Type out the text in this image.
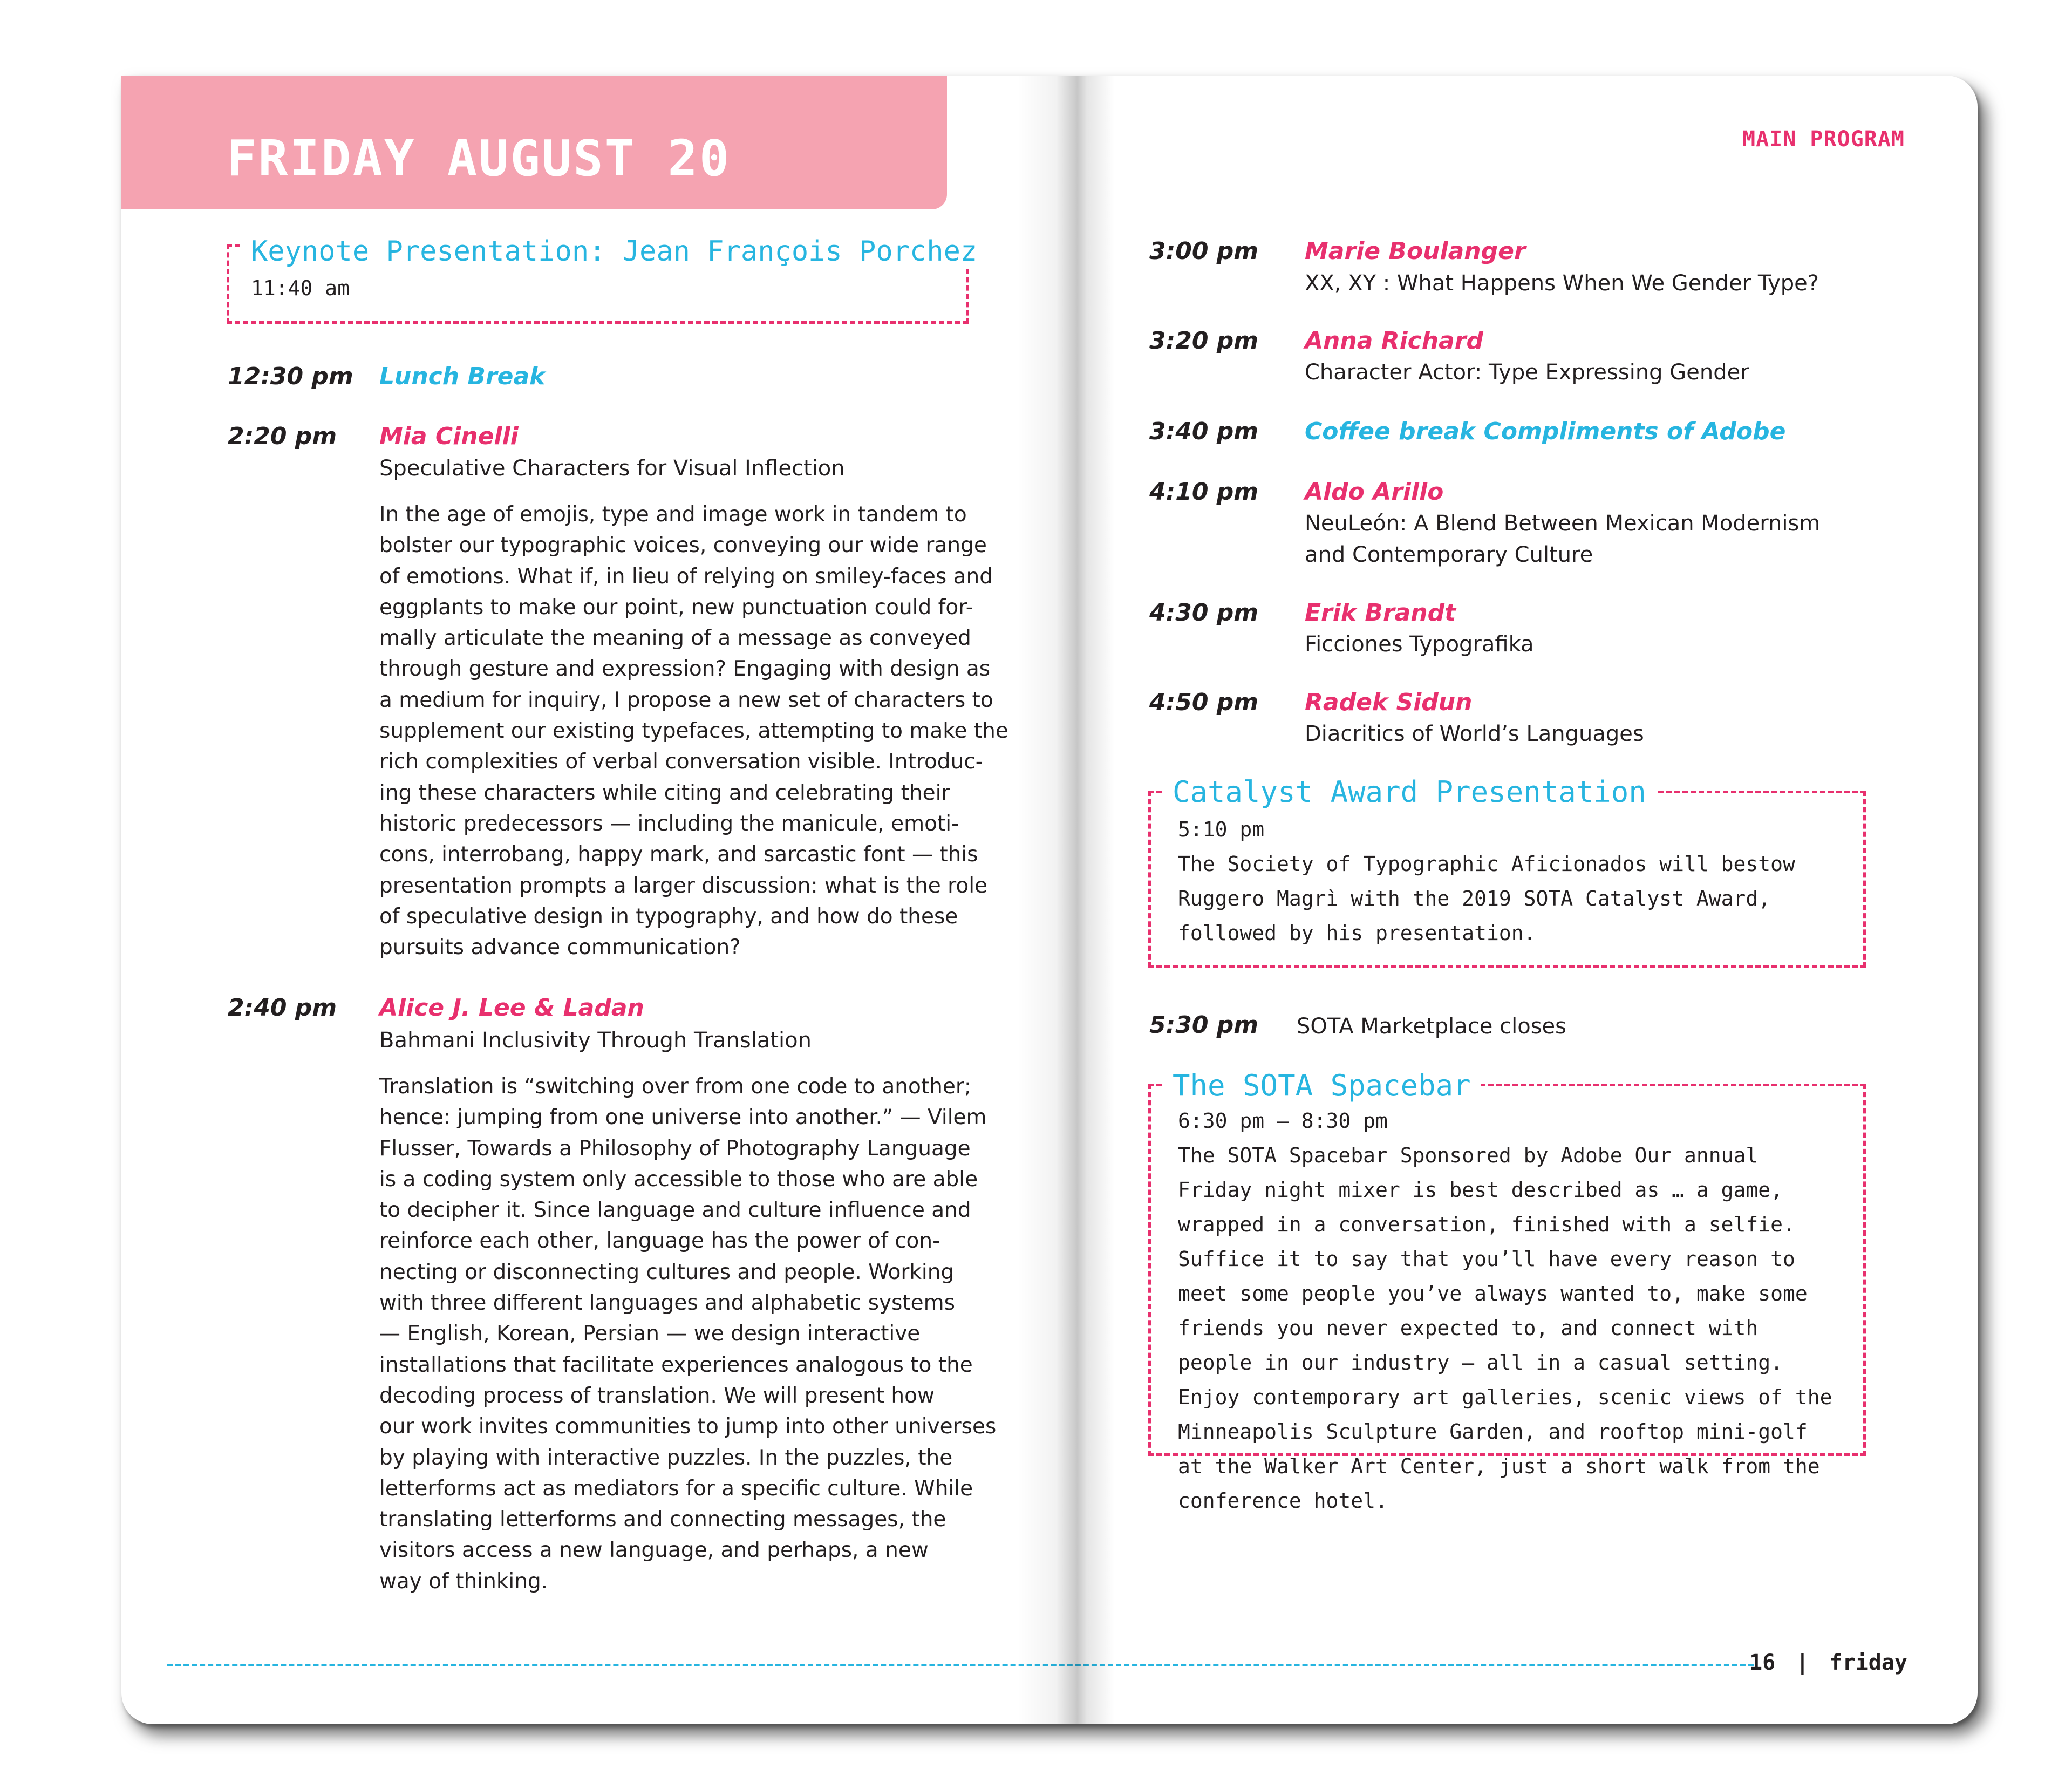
FRIDAY AUGUST 20
Keynote Presentation: Jean François Porchez
11:40 am
12:30 pm Lunch Break
2:20 pm Mia Cinelli
Speculative Characters for Visual Inflection
In the age of emojis, type and image work in tandem to
bolster our typographic voices, conveying our wide range
of emotions. What if, in lieu of relying on smiley-faces and
eggplants to make our point, new punctuation could for-
mally articulate the meaning of a message as conveyed
through gesture and expression? Engaging with design as
a medium for inquiry, I propose a new set of characters to
supplement our existing typefaces, attempting to make the
rich complexities of verbal conversation visible. Introduc-
ing these characters while citing and celebrating their
historic predecessors — including the manicule, emoti-
cons, interrobang, happy mark, and sarcastic font — this
presentation prompts a larger discussion: what is the role
of speculative design in typography, and how do these
pursuits advance communication?
2:40 pm Alice J. Lee & Ladan
Bahmani Inclusivity Through Translation
Translation is “switching over from one code to another;
hence: jumping from one universe into another.” — Vilem
Flusser, Towards a Philosophy of Photography Language
is a coding system only accessible to those who are able
to decipher it. Since language and culture influence and
reinforce each other, language has the power of con-
necting or disconnecting cultures and people. Working
with three different languages and alphabetic systems
— English, Korean, Persian — we design interactive
installations that facilitate experiences analogous to the
decoding process of translation. We will present how
our work invites communities to jump into other universes
by playing with interactive puzzles. In the puzzles, the
letterforms act as mediators for a specific culture. While
translating letterforms and connecting messages, the
visitors access a new language, and perhaps, a new
way of thinking.
MAIN PROGRAM
3:00 pm Marie Boulanger
XX, XY : What Happens When We Gender Type?
3:20 pm Anna Richard
Character Actor: Type Expressing Gender
3:40 pm Coffee break Compliments of Adobe
4:10 pm Aldo Arillo
NeuLeón: A Blend Between Mexican Modernism
and Contemporary Culture
4:30 pm Erik Brandt
Ficciones Typografika
4:50 pm Radek Sidun
Diacritics of World’s Languages
Catalyst Award Presentation
5:10 pm
The Society of Typographic Aficionados will bestow
Ruggero Magrì with the 2019 SOTA Catalyst Award,
followed by his presentation.
5:30 pm SOTA Marketplace closes
The SOTA Spacebar
6:30 pm – 8:30 pm
The SOTA Spacebar Sponsored by Adobe Our annual
Friday night mixer is best described as … a game,
wrapped in a conversation, finished with a selfie.
Suffice it to say that you’ll have every reason to
meet some people you’ve always wanted to, make some
friends you never expected to, and connect with
people in our industry – all in a casual setting.
Enjoy contemporary art galleries, scenic views of the
Minneapolis Sculpture Garden, and rooftop mini-golf
at the Walker Art Center, just a short walk from the
conference hotel.
16 | friday
